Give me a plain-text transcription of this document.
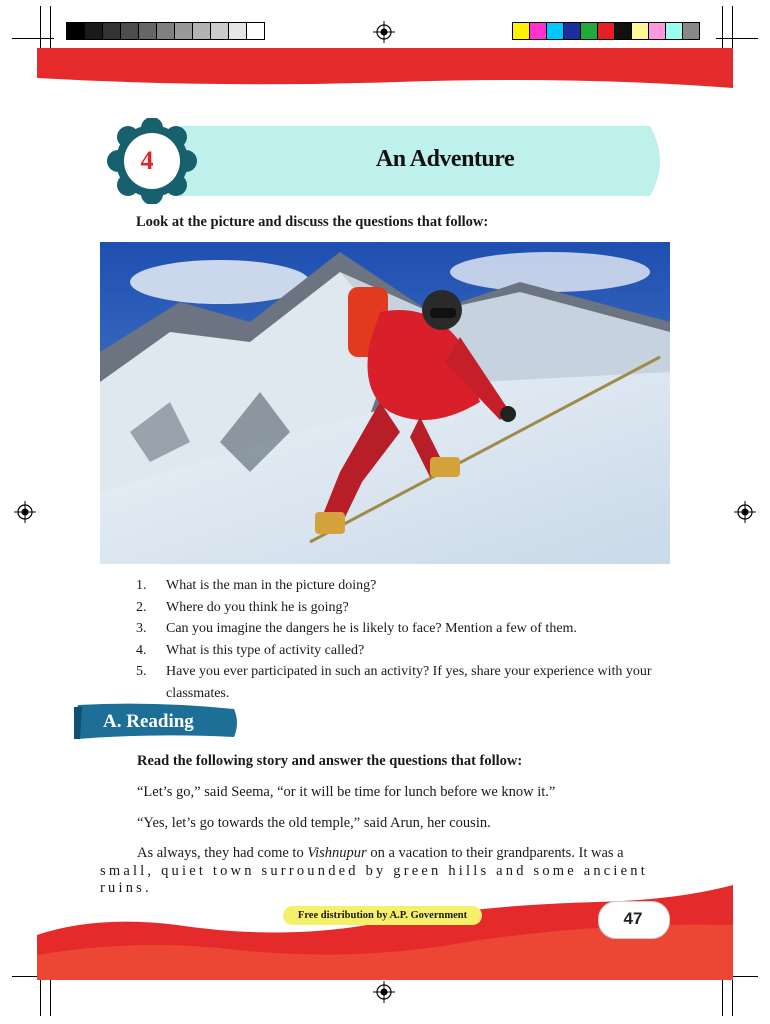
4	An Adventure
Look at the picture and discuss the questions that follow:
1.	What is the man in the picture doing?
2.	Where do you think he is going?
3.	Can you imagine the dangers he is likely to face? Mention a few of them.
4.	What is this type of activity called?
5.	Have you ever participated in such an activity? If yes, share your experience with your classmates.
A. Reading
Read the following story and answer the questions that follow:
“Let’s go,” said Seema, “or it will be time for lunch before we know it.”
“Yes, let’s go towards the old temple,” said Arun, her cousin.
As always, they had come to Vishnupur on a vacation to their grandparents. It was a
small, quiet town surrounded by green hills and some ancient ruins.
Free distribution by A.P. Government	47
